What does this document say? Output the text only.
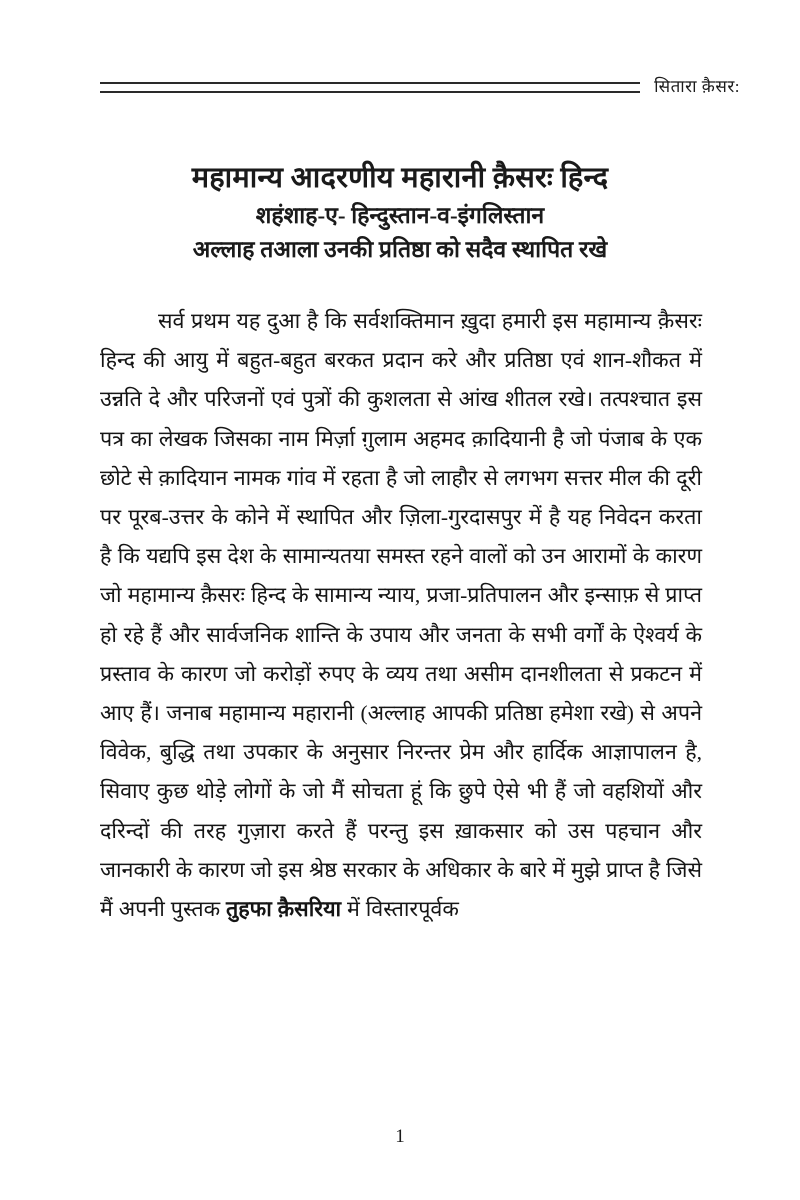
सितारा क़ैसर:
महामान्य आदरणीय महारानी क़ैसरः हिन्द
शहंशाह-ए- हिन्दुस्तान-व-इंगलिस्तान
अल्लाह तआला उनकी प्रतिष्ठा को सदैव स्थापित रखे

सर्व प्रथम यह दुआ है कि सर्वशक्तिमान ख़ुदा हमारी इस महामान्य क़ैसरः हिन्द की आयु में बहुत-बहुत बरकत प्रदान करे और प्रतिष्ठा एवं शान-शौकत में उन्नति दे और परिजनों एवं पुत्रों की कुशलता से आंख शीतल रखे। तत्पश्चात इस पत्र का लेखक जिसका नाम मिर्ज़ा ग़ुलाम अहमद क़ादियानी है जो पंजाब के एक छोटे से क़ादियान नामक गांव में रहता है जो लाहौर से लगभग सत्तर मील की दूरी पर पूरब-उत्तर के कोने में स्थापित और ज़िला-गुरदासपुर में है यह निवेदन करता है कि यद्यपि इस देश के सामान्यतया समस्त रहने वालों को उन आरामों के कारण जो महामान्य क़ैसरः हिन्द के सामान्य न्याय, प्रजा-प्रतिपालन और इन्साफ़ से प्राप्त हो रहे हैं और सार्वजनिक शान्ति के उपाय और जनता के सभी वर्गों के ऐश्वर्य के प्रस्ताव के कारण जो करोड़ों रुपए के व्यय तथा असीम दानशीलता से प्रकटन में आए हैं। जनाब महामान्य महारानी (अल्लाह आपकी प्रतिष्ठा हमेशा रखे) से अपने विवेक, बुद्धि तथा उपकार के अनुसार निरन्तर प्रेम और हार्दिक आज्ञापालन है, सिवाए कुछ थोड़े लोगों के जो मैं सोचता हूं कि छुपे ऐसे भी हैं जो वहशियों और दरिन्दों की तरह गुज़ारा करते हैं परन्तु इस ख़ाकसार को उस पहचान और जानकारी के कारण जो इस श्रेष्ठ सरकार के अधिकार के बारे में मुझे प्राप्त है जिसे मैं अपनी पुस्तक तुहफा क़ैसरिया में विस्तारपूर्वक

1
